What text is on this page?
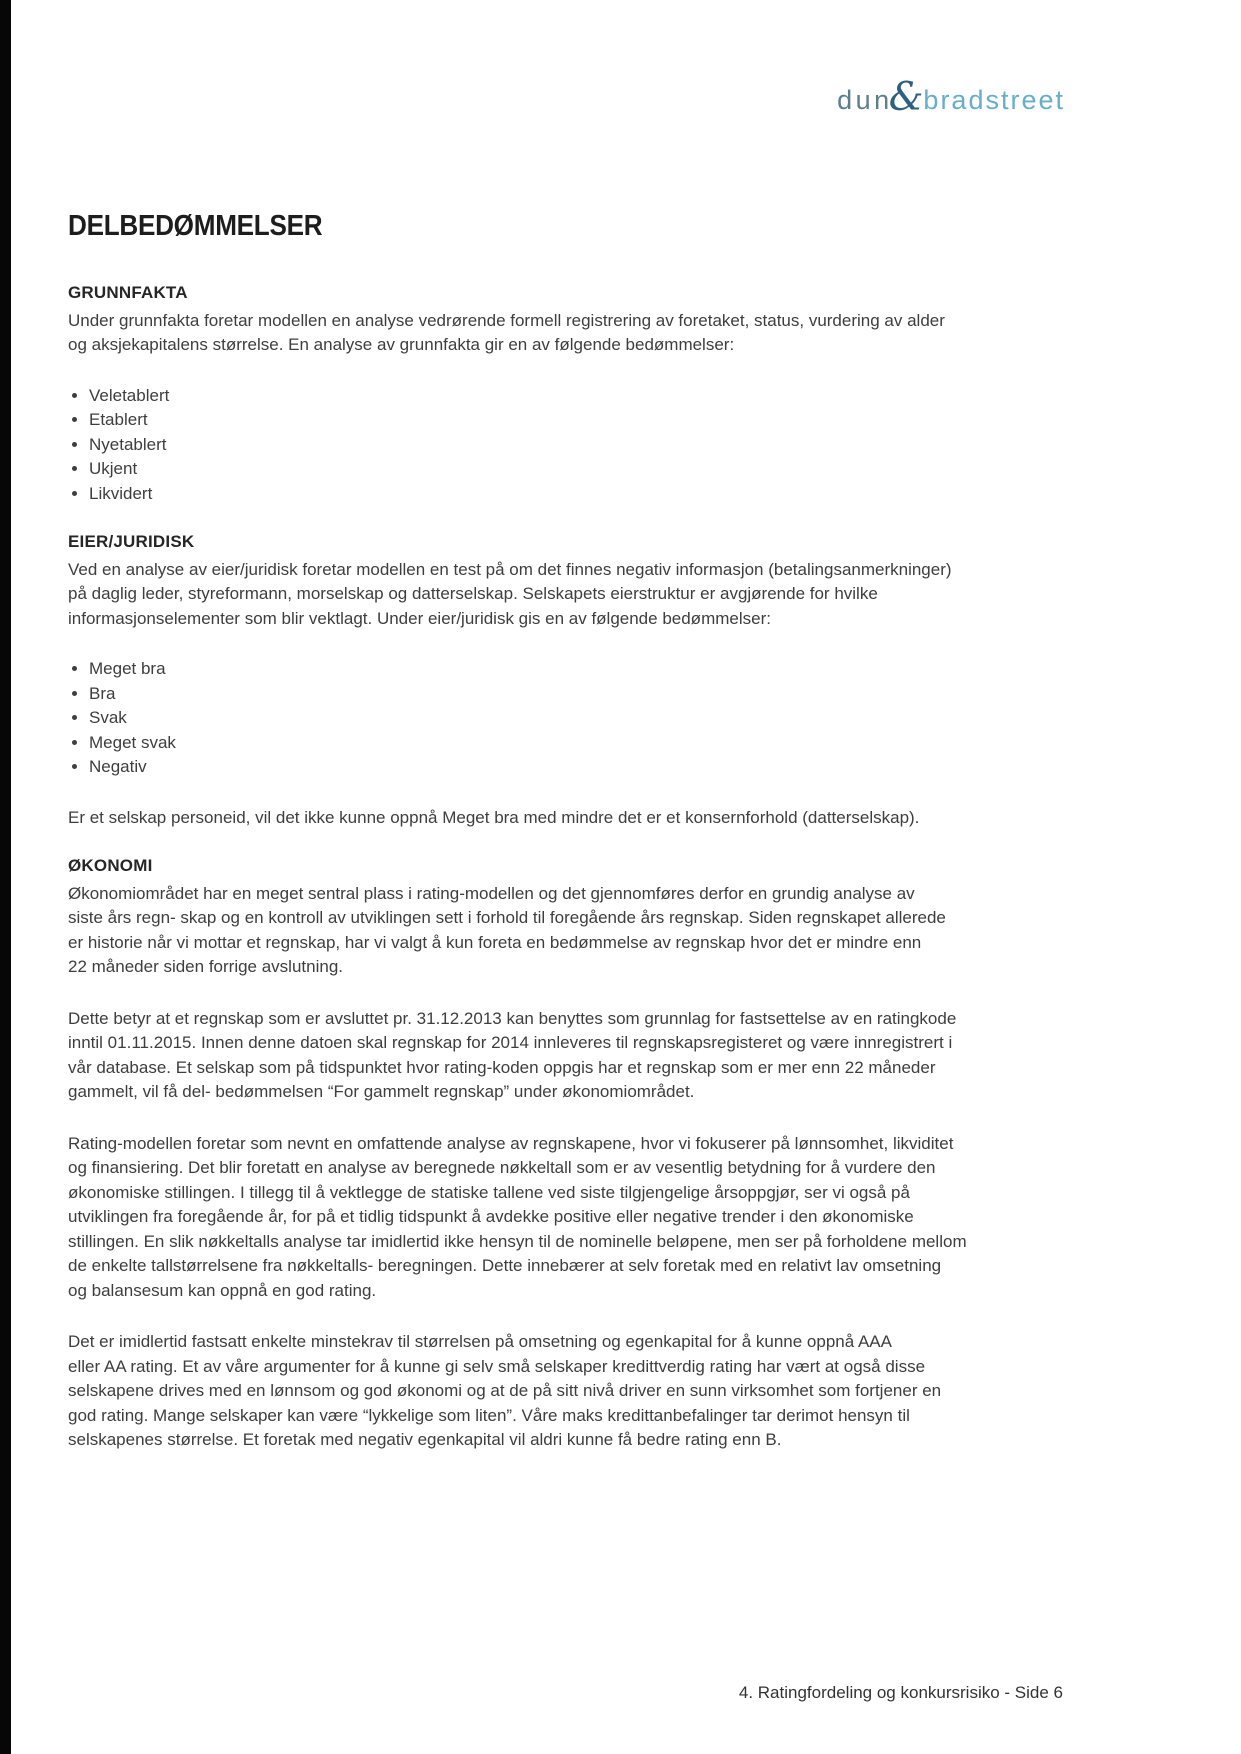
dun
& bradstreet
DELBEDØMMELSER
GRUNNFAKTA
Under grunnfakta foretar modellen en analyse vedrørende formell registrering av foretaket, status, vurdering av alder
og aksjekapitalens størrelse. En analyse av grunnfakta gir en av følgende bedømmelser:
• Veletablert
• Etablert
• Nyetablert
• Ukjent
• Likvidert
EIER/JURIDISK
Ved en analyse av eier/juridisk foretar modellen en test på om det finnes negativ informasjon (betalingsanmerkninger)
på daglig leder, styreformann, morselskap og datterselskap. Selskapets eierstruktur er avgjørende for hvilke
informasjonselementer som blir vektlagt. Under eier/juridisk gis en av følgende bedømmelser:
• Meget bra
• Bra
• Svak
• Meget svak
• Negativ
Er et selskap personeid, vil det ikke kunne oppnå Meget bra med mindre det er et konsernforhold (datterselskap).
ØKONOMI
Økonomiområdet har en meget sentral plass i rating-modellen og det gjennomføres derfor en grundig analyse av
siste års regn- skap og en kontroll av utviklingen sett i forhold til foregående års regnskap. Siden regnskapet allerede
er historie når vi mottar et regnskap, har vi valgt å kun foreta en bedømmelse av regnskap hvor det er mindre enn
22 måneder siden forrige avslutning.
Dette betyr at et regnskap som er avsluttet pr. 31.12.2013 kan benyttes som grunnlag for fastsettelse av en ratingkode
inntil 01.11.2015. Innen denne datoen skal regnskap for 2014 innleveres til regnskapsregisteret og være innregistrert i
vår database. Et selskap som på tidspunktet hvor rating-koden oppgis har et regnskap som er mer enn 22 måneder
gammelt, vil få del- bedømmelsen “For gammelt regnskap” under økonomiområdet.
Rating-modellen foretar som nevnt en omfattende analyse av regnskapene, hvor vi fokuserer på lønnsomhet, likviditet
og finansiering. Det blir foretatt en analyse av beregnede nøkkeltall som er av vesentlig betydning for å vurdere den
økonomiske stillingen. I tillegg til å vektlegge de statiske tallene ved siste tilgjengelige årsoppgjør, ser vi også på
utviklingen fra foregående år, for på et tidlig tidspunkt å avdekke positive eller negative trender i den økonomiske
stillingen. En slik nøkkeltalls analyse tar imidlertid ikke hensyn til de nominelle beløpene, men ser på forholdene mellom
de enkelte tallstørrelsene fra nøkkeltalls- beregningen. Dette innebærer at selv foretak med en relativt lav omsetning
og balansesum kan oppnå en god rating.
Det er imidlertid fastsatt enkelte minstekrav til størrelsen på omsetning og egenkapital for å kunne oppnå AAA
eller AA rating. Et av våre argumenter for å kunne gi selv små selskaper kredittverdig rating har vært at også disse
selskapene drives med en lønnsom og god økonomi og at de på sitt nivå driver en sunn virksomhet som fortjener en
god rating. Mange selskaper kan være “lykkelige som liten”. Våre maks kredittanbefalinger tar derimot hensyn til
selskapenes størrelse. Et foretak med negativ egenkapital vil aldri kunne få bedre rating enn B.
4. Ratingfordeling og konkursrisiko - Side 6
